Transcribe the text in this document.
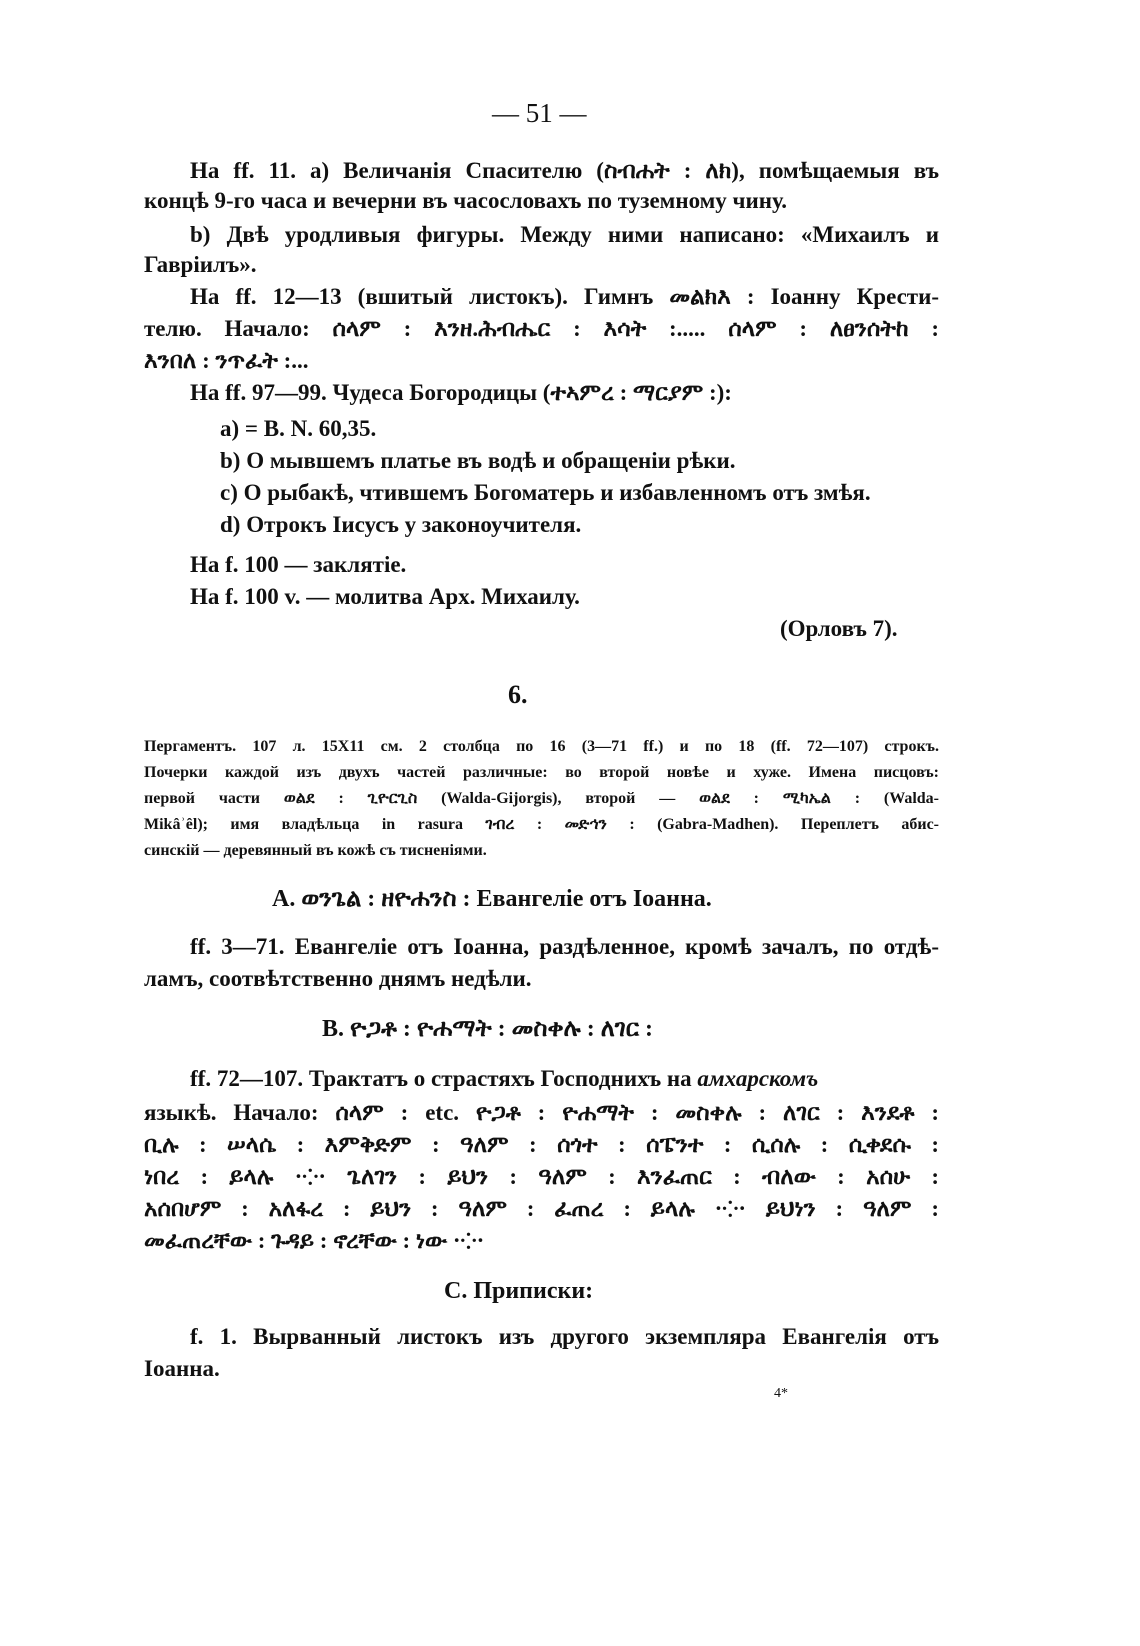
— 51 —
На ff. 11. a) Величанія Спасителю (ስብሐት : ለክ), помѣщаемыя въ
концѣ 9-го часа и вечерни въ часословахъ по туземному чину.
b) Двѣ уродливыя фигуры. Между ними написано: «Михаилъ и
Гавріилъ».
На ff. 12—13 (вшитый листокъ). Гимнъ መልክእ : Іоанну Крести-
телю. Начало: ሰላም : እንዘ.ሕብሔር : እሳት :..... ሰላም : ለፀንሰትከ :
እንበለ : ንጥፈት :...
На ff. 97—99. Чудеса Богородицы (ተኣምረ : ማርያም :):
a) = B. N. 60,35.
b) О мывшемъ платье въ водѣ и обращеніи рѣки.
c) О рыбакѣ, чтившемъ Богоматерь и избавленномъ отъ змѣя.
d) Отрокъ Іисусъ у законоучителя.
На f. 100 — заклятіе.
На f. 100 v. — молитва Арх. Михаилу.
(Орловъ 7).
6.
Пергаментъ. 107 л. 15Х11 см. 2 столбца по 16 (3—71 ff.) и по 18 (ff. 72—107) строкъ.
Почерки каждой изъ двухъ частей различные: во второй новѣе и хуже. Имена писцовъ:
первой части ወልደ : ጊዮርጊስ (Walda-Gijorgis), второй — ወልደ : ሚካኤል : (Walda-
Mikâʾêl); имя владѣльца in rasura ገብረ : መድኅን : (Gabra-Madhen). Переплетъ абис-
синскій — деревянный въ кожѣ съ тисненіями.
A. ወንጌል : ዘዮሐንስ : Евангеліе отъ Іоанна.
ff. 3—71. Евангеліе отъ Іоанна, раздѣленное, кромѣ зачалъ, по отдѣ-
ламъ, соотвѣтственно днямъ недѣли.
B. ዮጋቶ : ዮሐማት : መስቀሉ : ለገር :
ff. 72—107. Трактатъ о страстяхъ Господнихъ на амхарскомъ
языкѣ. Начало: ሰላም : etc. ዮጋቶ : ዮሐማት : መስቀሉ : ለገር : እንደቶ :
ቢሉ : ሠላሴ : እምቅድም : ዓለም : ሰጎተ : ሰፔንተ : ሲሰሉ : ሲቀደሱ :
ነበረ : ይላሉ ·⁘· ጌለገን : ይህን : ዓለም : እንፈጠር : ብለው : አሰሁ :
አሰበሆም : አለፋረ : ይህን : ዓለም : ፈጠረ : ይላሉ ·⁘· ይህነን : ዓለም :
መፈጠረቸው : ጉዳይ : ኖረቸው : ነው ·⁘·
C. Приписки:
f. 1. Вырванный листокъ изъ другого экземпляра Евангелія отъ
Іоанна.
4*
